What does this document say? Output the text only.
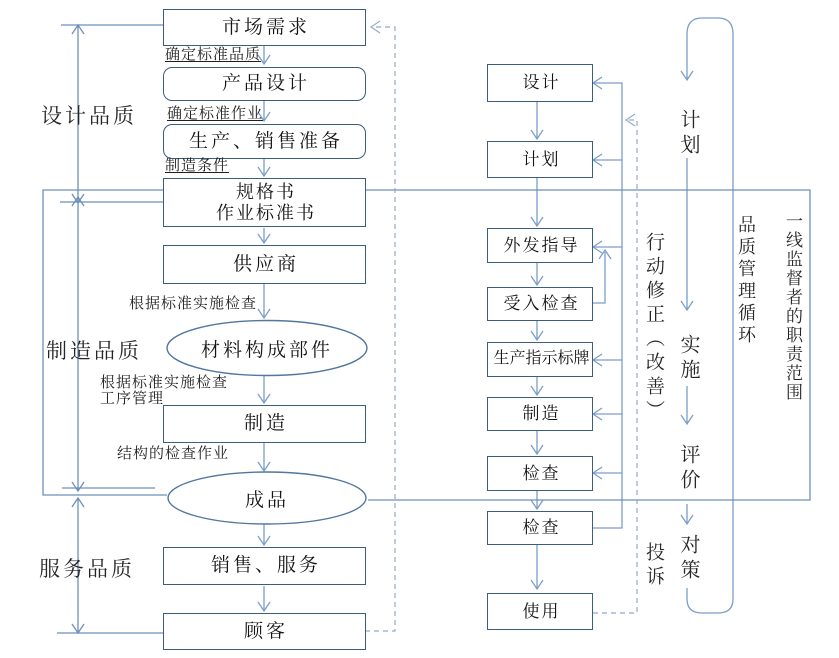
市场需求
产品设计
生产、销售准备
规格书
作业标准书
供应商
材料构成部件
制造
成品
销售、服务
顾客
确定标准品质
确定标准作业
制造条件
根据标准实施检查
根据标准实施检查
工序管理
结构的检查作业
设计品质
制造品质
服务品质
设计
计划
外发指导
受入检查
生产指示标牌
制造
检查
检查
使用
计划
实施
评价
对策
行动修正（改善）
投诉
品质管理循环 一线监督者的职责范围
